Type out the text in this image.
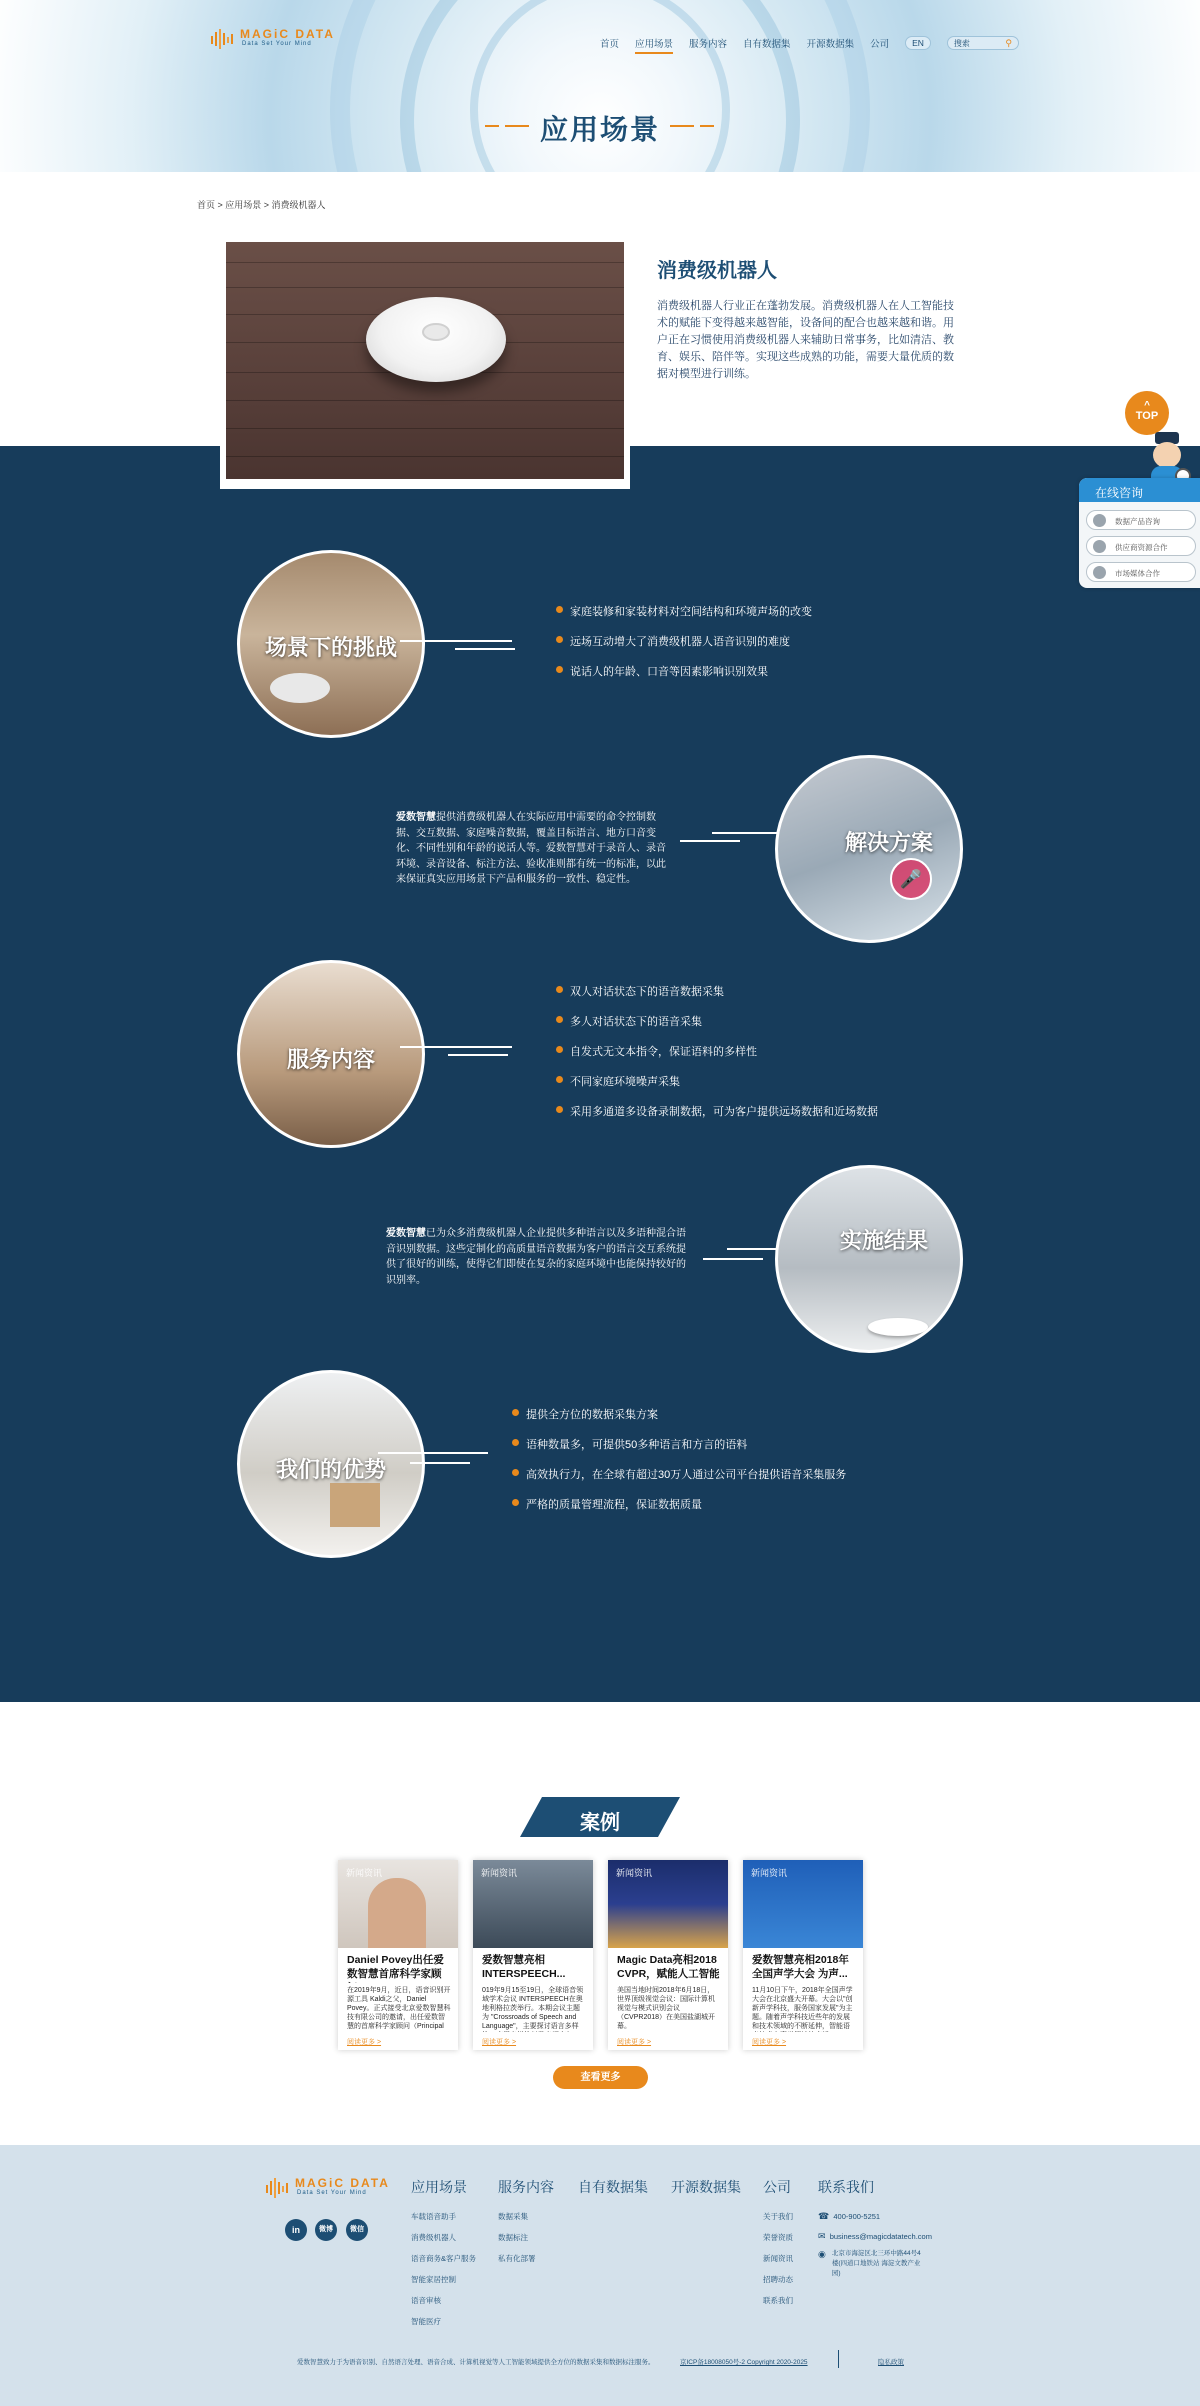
MAGiC DATA
Data Set Your Mind	首页 应用场景 服务内容 自有数据集 开源数据集 公司	EN	搜索	⚲
应用场景
首页 > 应用场景 > 消费级机器人
消费级机器人
消费级机器人行业正在蓬勃发展。消费级机器人在人工智能技术的赋能下变得越来越智能，设备间的配合也越来越和谐。用户正在习惯使用消费级机器人来辅助日常事务，比如清洁、教育、娱乐、陪伴等。实现这些成熟的功能，需要大量优质的数据对模型进行训练。
场景下的挑战
家庭装修和家装材料对空间结构和环境声场的改变
远场互动增大了消费级机器人语音识别的难度
说话人的年龄、口音等因素影响识别效果
爱数智慧提供消费级机器人在实际应用中需要的命令控制数据、交互数据、家庭噪音数据，覆盖目标语言、地方口音变化、不同性别和年龄的说话人等。爱数智慧对于录音人、录音环境、录音设备、标注方法、验收准则都有统一的标准，以此来保证真实应用场景下产品和服务的一致性、稳定性。	🎤
解决方案
服务内容
双人对话状态下的语音数据采集
多人对话状态下的语音采集
自发式无文本指令，保证语料的多样性
不同家庭环境噪声采集
采用多通道多设备录制数据，可为客户提供远场数据和近场数据
爱数智慧已为众多消费级机器人企业提供多种语言以及多语种混合语音识别数据。这些定制化的高质量语音数据为客户的语言交互系统提供了很好的训练，使得它们即使在复杂的家庭环境中也能保持较好的识别率。
实施结果
我们的优势
提供全方位的数据采集方案
语种数量多，可提供50多种语言和方言的语料
高效执行力，在全球有超过30万人通过公司平台提供语音采集服务
严格的质量管理流程，保证数据质量
案例
新闻资讯
Daniel Povey出任爱数智慧首席科学家顾
在2019年9月，近日，语音识别开源工具 Kaldi之父，Daniel Povey。正式接受北京爱数智慧科技有限公司的邀请，出任爱数智慧的首席科学家顾问（Principal
阅读更多 >
新闻资讯
爱数智慧亮相INTERSPEECH...
019年9月15至19日，全球语音领域学术会议 INTERSPEECH在奥地利格拉茨举行。本期会议主题为 "Crossroads of Speech and Language"，主要探讨语言多样
阅读更多 >
新闻资讯
Magic Data亮相2018 CVPR，赋能人工智能
美国当地时间2018年6月18日，世界顶级视觉会议：国际计算机视觉与模式识别会议（CVPR2018）在美国盐湖城开幕。
阅读更多 >
新闻资讯
爱数智慧亮相2018年全国声学大会 为声...
11月10日下午，2018年全国声学大会在北京盛大开幕。大会以"创新声学科技，服务国家发展"为主题。随着声学科技近些年的发展和技术领域的不断延伸，智能语
阅读更多 >
查看更多
MAGiC DATA
Data Set Your Mind
in	微博	微信
应用场景
车载语音助手
消费级机器人
语音商务&客户服务
智能家居控制
语音审核
智能医疗
服务内容
数据采集
数据标注
私有化部署
自有数据集 开源数据集 公司
关于我们
荣誉资质
新闻资讯
招聘动态
联系我们
联系我们
☎ 400-900-5251
✉ business@magicdatatech.com
◉ 北京市海淀区北三环中路44号4楼(四道口地铁站 海淀文教产业园)
爱数智慧致力于为语音识别、自然语言处理、语音合成、计算机视觉等人工智能领域提供全方位的数据采集和数据标注服务。	京ICP备18008050号-2 Copyright 2020-2025	隐私政策
^
TOP
在线咨询
数据产品咨询
供应商资源合作
市场媒体合作
